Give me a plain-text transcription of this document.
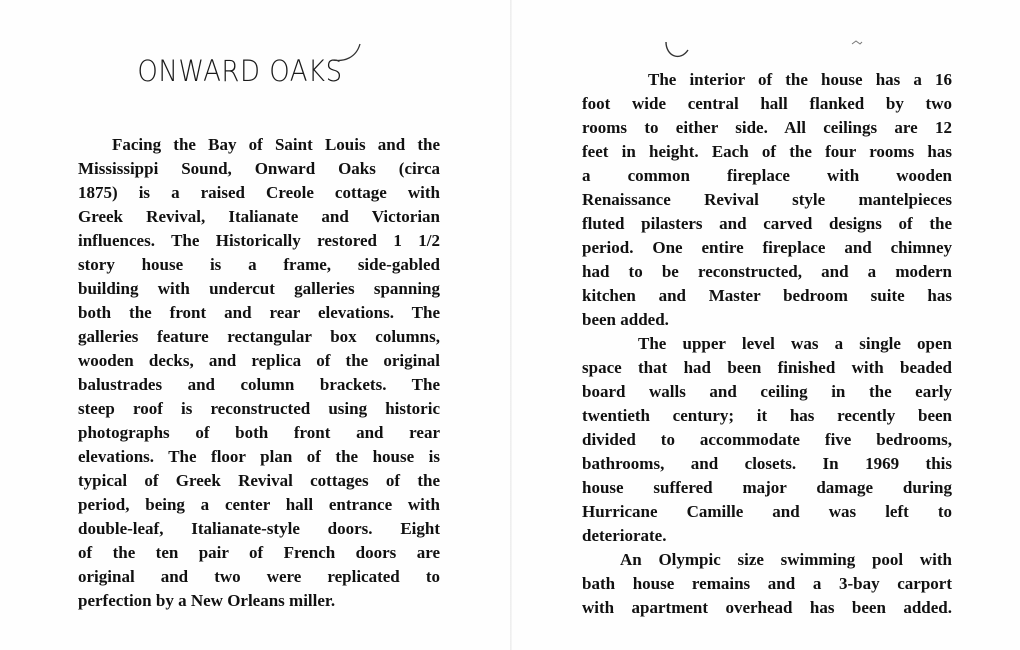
ONWARD OAKS
Facing the Bay of Saint Louis and the
Mississippi Sound, Onward Oaks (circa
1875) is a raised Creole cottage with
Greek Revival, Italianate and Victorian
influences. The Historically restored 1 1/2
story house is a frame, side-gabled
building with undercut galleries spanning
both the front and rear elevations. The
galleries feature rectangular box columns,
wooden decks, and replica of the original
balustrades and column brackets. The
steep roof is reconstructed using historic
photographs of both front and rear
elevations. The floor plan of the house is
typical of Greek Revival cottages of the
period, being a center hall entrance with
double-leaf, Italianate-style doors. Eight
of the ten pair of French doors are
original and two were replicated to
perfection by a New Orleans miller.
The interior of the house has a 16
foot wide central hall flanked by two
rooms to either side. All ceilings are 12
feet in height. Each of the four rooms has
a common fireplace with wooden
Renaissance Revival style mantelpieces
fluted pilasters and carved designs of the
period. One entire fireplace and chimney
had to be reconstructed, and a modern
kitchen and Master bedroom suite has
been added.
The upper level was a single open
space that had been finished with beaded
board walls and ceiling in the early
twentieth century; it has recently been
divided to accommodate five bedrooms,
bathrooms, and closets. In 1969 this
house suffered major damage during
Hurricane Camille and was left to
deteriorate.
An Olympic size swimming pool with
bath house remains and a 3-bay carport
with apartment overhead has been added.
